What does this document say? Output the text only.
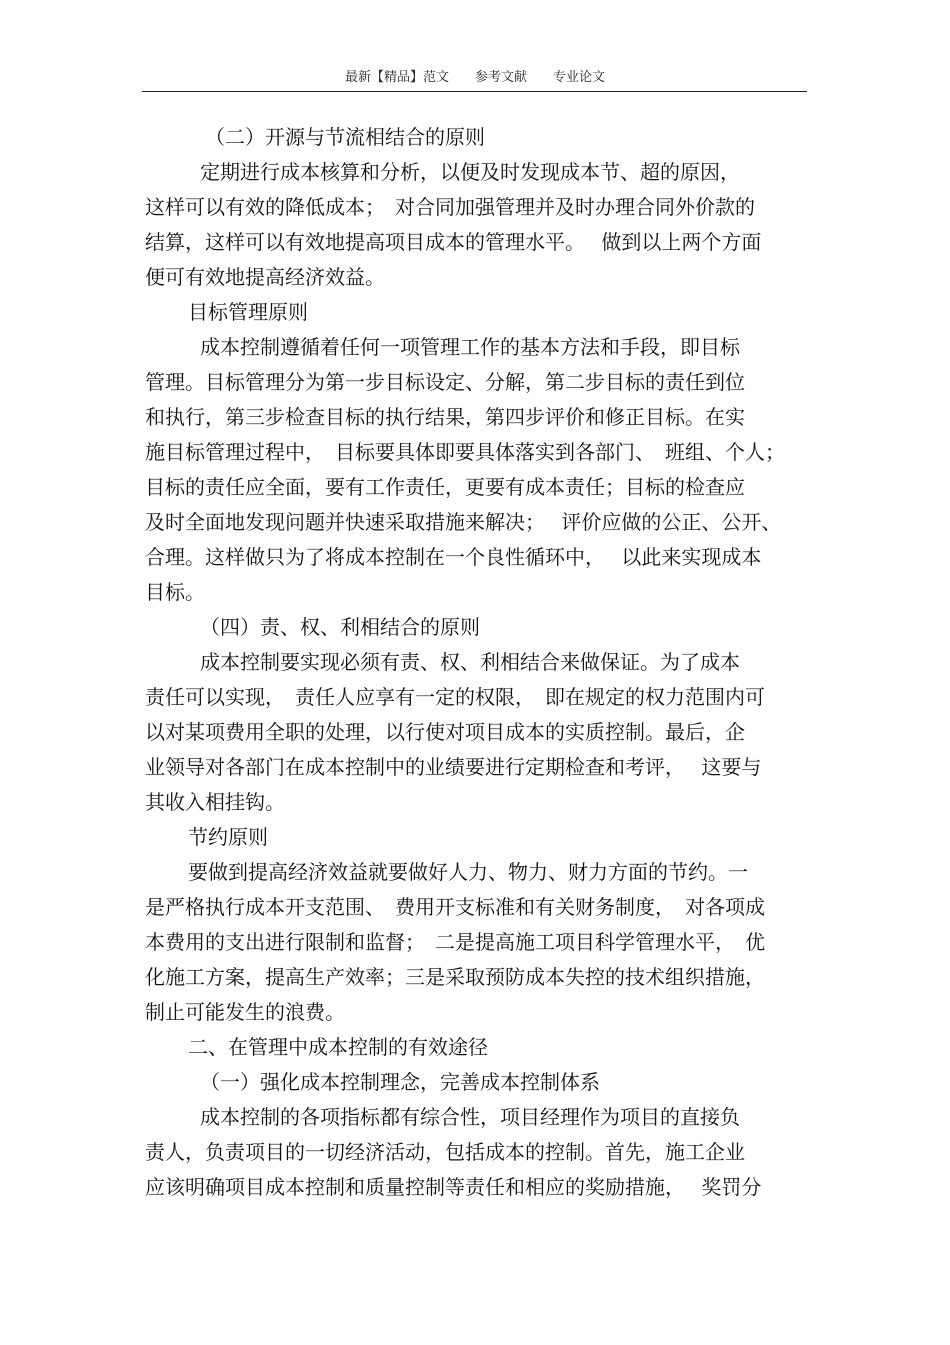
最新【精品】范文　　参考文献　　专业论文
（二）开源与节流相结合的原则
定期进行成本核算和分析，以便及时发现成本节、超的原因，
这样可以有效的降低成本；　对合同加强管理并及时办理合同外价款的
结算，这样可以有效地提高项目成本的管理水平。　 做到以上两个方面
便可有效地提高经济效益。
目标管理原则
成本控制遵循着任何一项管理工作的基本方法和手段，即目标
管理。目标管理分为第一步目标设定、分解，第二步目标的责任到位
和执行，第三步检查目标的执行结果，第四步评价和修正目标。在实
施目标管理过程中，　目标要具体即要具体落实到各部门、　班组、个人；
目标的责任应全面，要有工作责任，更要有成本责任；目标的检查应
及时全面地发现问题并快速采取措施来解决；　 评价应做的公正、公开、
合理。这样做只为了将成本控制在一个良性循环中，　 以此来实现成本
目标。
（四）责、权、利相结合的原则
成本控制要实现必须有责、权、利相结合来做保证。为了成本
责任可以实现，　责任人应享有一定的权限，　即在规定的权力范围内可
以对某项费用全职的处理，以行使对项目成本的实质控制。最后，企
业领导对各部门在成本控制中的业绩要进行定期检查和考评，　 这要与
其收入相挂钩。
节约原则
要做到提高经济效益就要做好人力、物力、财力方面的节约。一
是严格执行成本开支范围、　费用开支标准和有关财务制度，　对各项成
本费用的支出进行限制和监督；　二是提高施工项目科学管理水平，　优
化施工方案，提高生产效率；三是采取预防成本失控的技术组织措施，
制止可能发生的浪费。
二、在管理中成本控制的有效途径
（一）强化成本控制理念，完善成本控制体系
成本控制的各项指标都有综合性，项目经理作为项目的直接负
责人，负责项目的一切经济活动，包括成本的控制。首先，施工企业
应该明确项目成本控制和质量控制等责任和相应的奖励措施，　 奖罚分
